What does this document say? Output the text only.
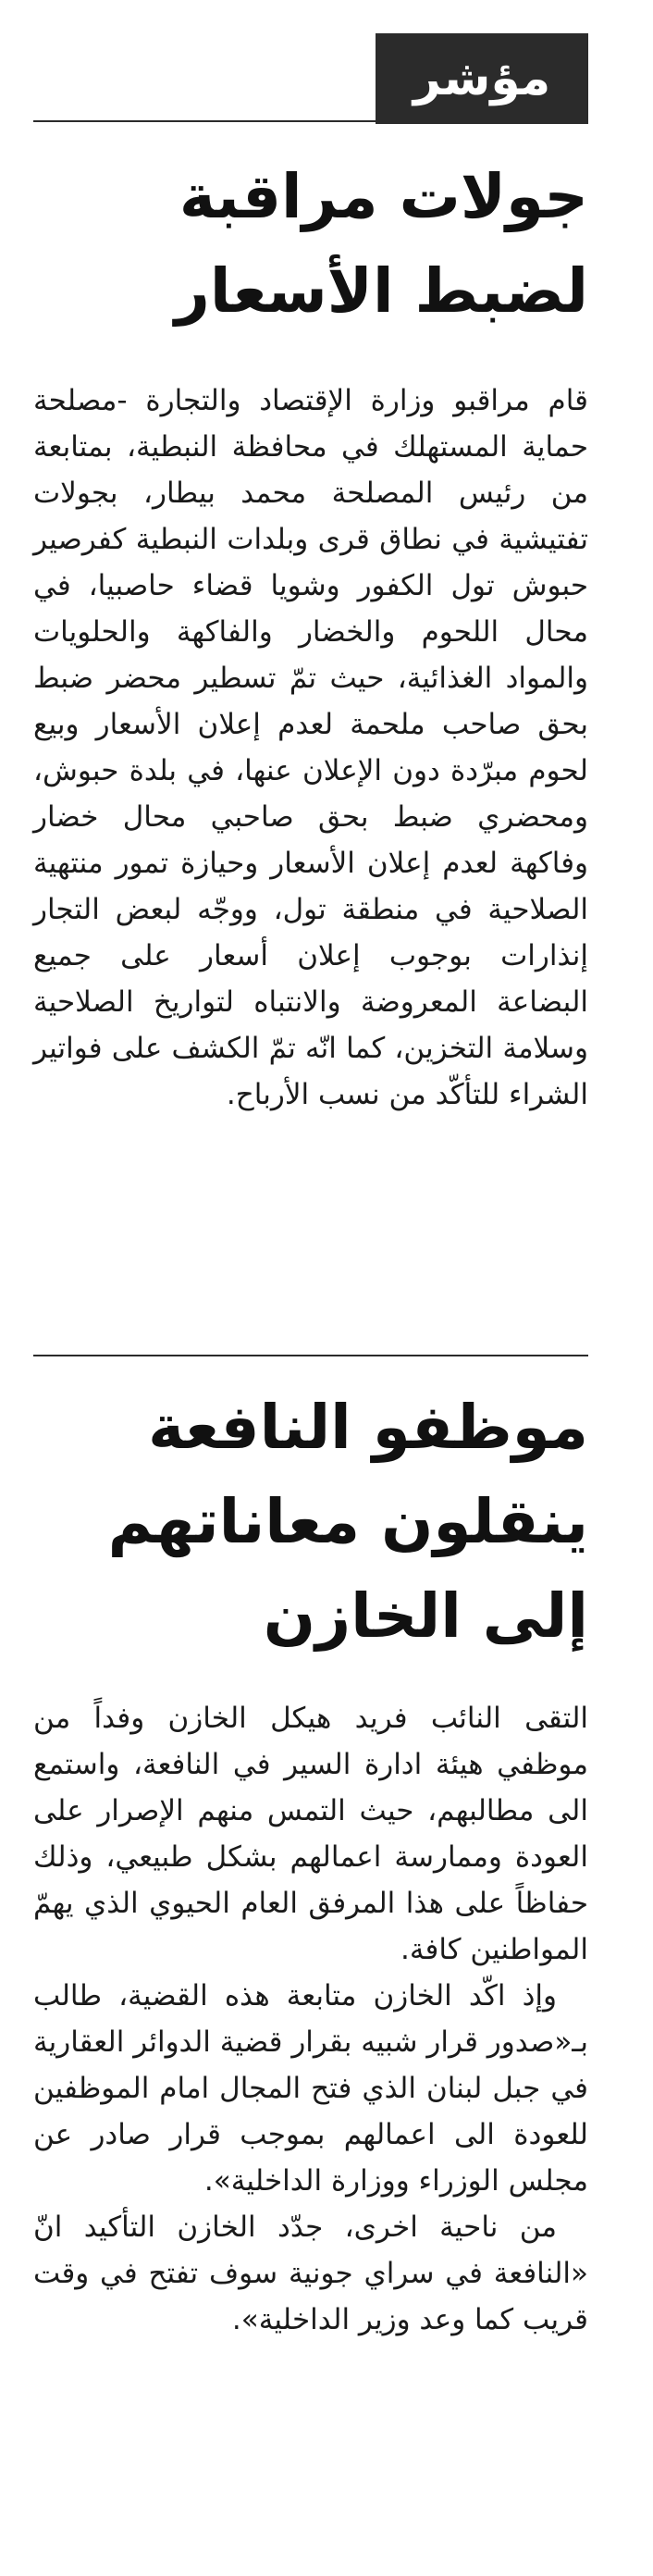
مؤشر
جولات مراقبة لضبط الأسعار

قام مراقبو وزارة الإقتصاد والتجارة -مصلحة حماية المستهلك في محافظة النبطية، بمتابعة من رئيس المصلحة محمد بيطار، بجولات تفتيشية في نطاق قرى وبلدات النبطية كفرصير حبوش تول الكفور وشويا قضاء حاصبيا، في محال اللحوم والخضار والفاكهة والحلويات والمواد الغذائية، حيث تمّ تسطير محضر ضبط بحق صاحب ملحمة لعدم إعلان الأسعار وبيع لحوم مبرّدة دون الإعلان عنها، في بلدة حبوش، ومحضري ضبط بحق صاحبي محال خضار وفاكهة لعدم إعلان الأسعار وحيازة تمور منتهية الصلاحية في منطقة تول، ووجّه لبعض التجار إنذارات بوجوب إعلان أسعار على جميع البضاعة المعروضة والانتباه لتواريخ الصلاحية وسلامة التخزين، كما انّه تمّ الكشف على فواتير الشراء للتأكّد من نسب الأرباح.

موظفو النافعة ينقلون معاناتهم إلى الخازن
التقى النائب فريد هيكل الخازن وفداً من موظفي هيئة ادارة السير في النافعة، واستمع الى مطالبهم، حيث التمس منهم الإصرار على العودة وممارسة اعمالهم بشكل طبيعي، وذلك حفاظاً على هذا المرفق العام الحيوي الذي يهمّ المواطنين كافة.
وإذ اكّد الخازن متابعة هذه القضية، طالب بـ«صدور قرار شبيه بقرار قضية الدوائر العقارية في جبل لبنان الذي فتح المجال امام الموظفين للعودة الى اعمالهم بموجب قرار صادر عن مجلس الوزراء ووزارة الداخلية».
من ناحية اخرى، جدّد الخازن التأكيد انّ «النافعة في سراي جونية سوف تفتح في وقت قريب كما وعد وزير الداخلية».
